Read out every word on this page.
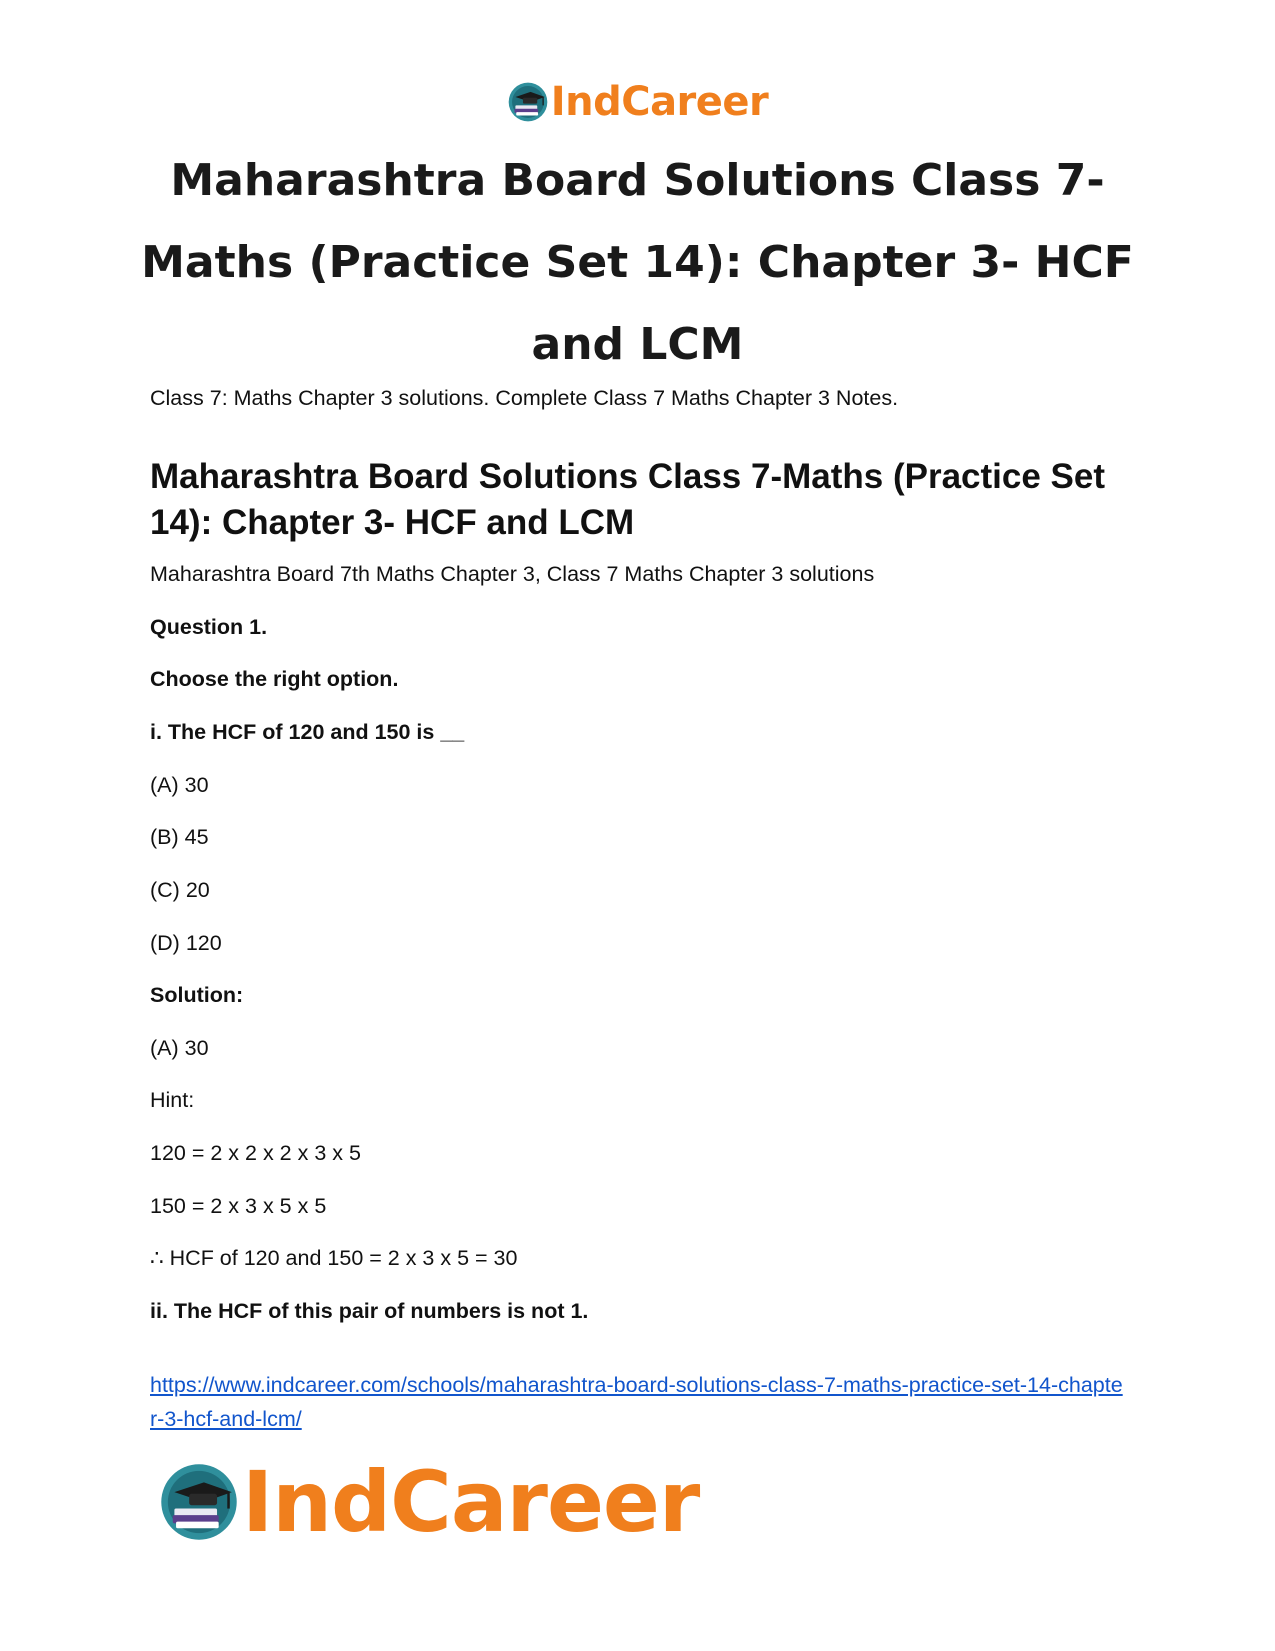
IndCareer
Maharashtra Board Solutions Class 7-Maths (Practice Set 14): Chapter 3- HCF and LCM

Class 7: Maths Chapter 3 solutions. Complete Class 7 Maths Chapter 3 Notes.

Maharashtra Board Solutions Class 7-Maths (Practice Set 14): Chapter 3- HCF and LCM

Maharashtra Board 7th Maths Chapter 3, Class 7 Maths Chapter 3 solutions

Question 1.

Choose the right option.

i. The HCF of 120 and 150 is __

(A) 30

(B) 45

(C) 20

(D) 120

Solution:

(A) 30

Hint:

120 = 2 x 2 x 2 x 3 x 5

150 = 2 x 3 x 5 x 5

∴ HCF of 120 and 150 = 2 x 3 x 5 = 30

ii. The HCF of this pair of numbers is not 1.

https://www.indcareer.com/schools/maharashtra-board-solutions-class-7-maths-practice-set-14-chapter-3-hcf-and-lcm/
IndCareer
